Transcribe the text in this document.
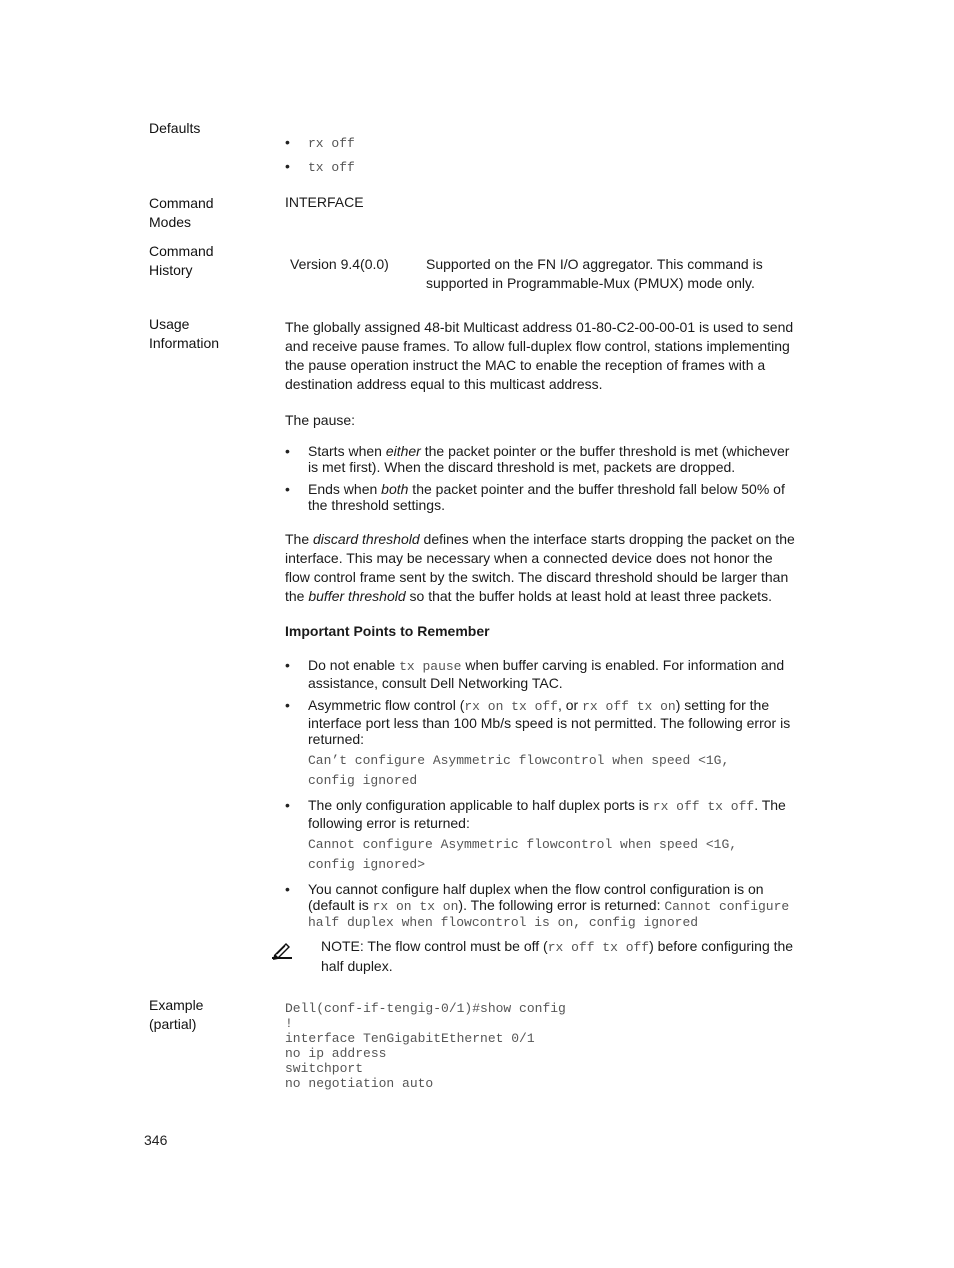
Defaults
• rx off
• tx off
Command
Modes
INTERFACE
Command
History	Version 9.4(0.0)	Supported on the FN I/O aggregator. This command is
supported in Programmable-Mux (PMUX) mode only.
Usage
Information
The globally assigned 48-bit Multicast address 01-80-C2-00-00-01 is used to send
and receive pause frames. To allow full-duplex flow control, stations implementing
the pause operation instruct the MAC to enable the reception of frames with a
destination address equal to this multicast address.
The pause:
• Starts when either the packet pointer or the buffer threshold is met (whichever
is met first). When the discard threshold is met, packets are dropped.
• Ends when both the packet pointer and the buffer threshold fall below 50% of
the threshold settings.
The discard threshold defines when the interface starts dropping the packet on the
interface. This may be necessary when a connected device does not honor the
flow control frame sent by the switch. The discard threshold should be larger than
the buffer threshold so that the buffer holds at least hold at least three packets.
Important Points to Remember
• Do not enable tx pause when buffer carving is enabled. For information and
assistance, consult Dell Networking TAC.
• Asymmetric flow control (rx on tx off, or rx off tx on) setting for the
interface port less than 100 Mb/s speed is not permitted. The following error is
returned:
Can’t configure Asymmetric flowcontrol when speed <1G,
config ignored
• The only configuration applicable to half duplex ports is rx off tx off. The
following error is returned:
Cannot configure Asymmetric flowcontrol when speed <1G,
config ignored>
• You cannot configure half duplex when the flow control configuration is on
(default is rx on tx on). The following error is returned: Cannot configure
half duplex when flowcontrol is on, config ignored
NOTE: The flow control must be off (rx off tx off) before configuring the
half duplex.
Example
(partial)
Dell(conf-if-tengig-0/1)#show config
!
interface TenGigabitEthernet 0/1
no ip address
switchport
no negotiation auto
346
